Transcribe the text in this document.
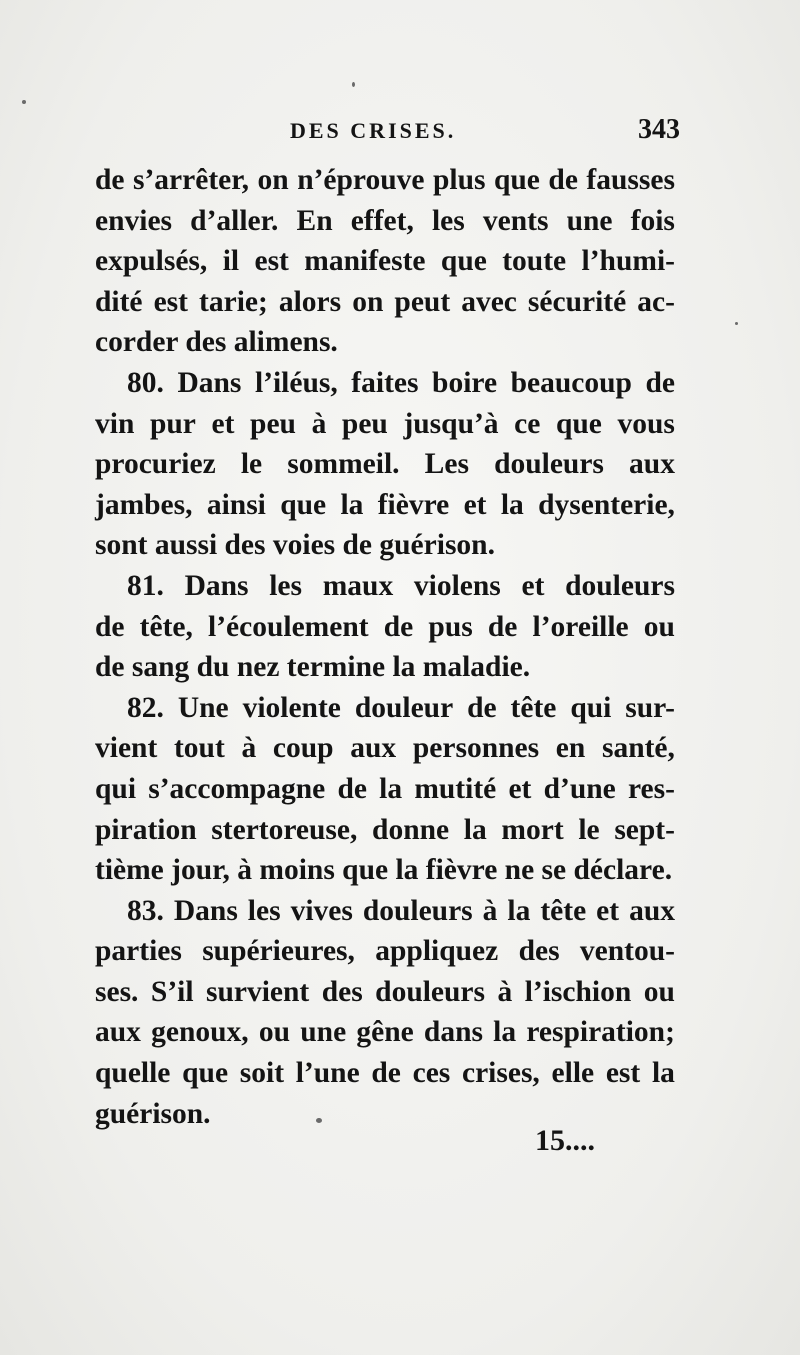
DES CRISES.	343
de s’arrêter, on n’éprouve plus que de fausses
envies d’aller. En effet, les vents une fois
expulsés, il est manifeste que toute l’humi-
dité est tarie; alors on peut avec sécurité ac-
corder des alimens.
80. Dans l’iléus, faites boire beaucoup de
vin pur et peu à peu jusqu’à ce que vous
procuriez le sommeil. Les douleurs aux
jambes, ainsi que la fièvre et la dysenterie,
sont aussi des voies de guérison.
81. Dans les maux violens et douleurs
de tête, l’écoulement de pus de l’oreille ou
de sang du nez termine la maladie.
82. Une violente douleur de tête qui sur-
vient tout à coup aux personnes en santé,
qui s’accompagne de la mutité et d’une res-
piration stertoreuse, donne la mort le sept-
tième jour, à moins que la fièvre ne se déclare.
83. Dans les vives douleurs à la tête et aux
parties supérieures, appliquez des ventou-
ses. S’il survient des douleurs à l’ischion ou
aux genoux, ou une gêne dans la respiration;
quelle que soit l’une de ces crises, elle est la
guérison.
15....
